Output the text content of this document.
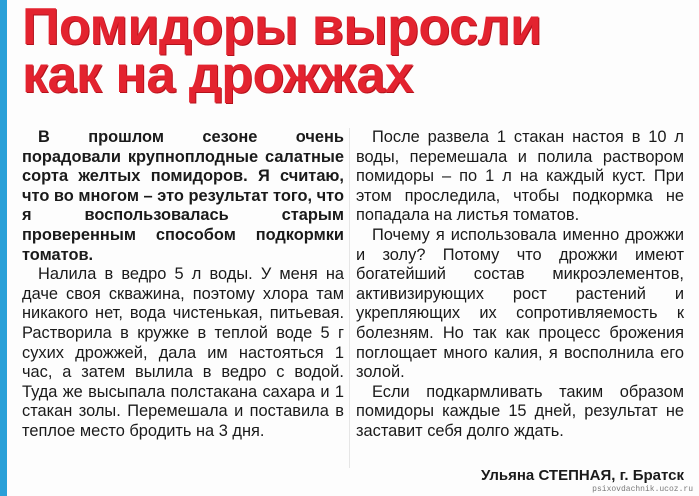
Помидоры выросли
как на дрожжах

В прошлом сезоне очень порадовали крупноплодные салатные сорта желтых помидоров. Я считаю, что во многом – это результат того, что я воспользовалась старым проверенным способом подкормки томатов.

Налила в ведро 5 л воды. У меня на даче своя скважина, поэтому хлора там никакого нет, вода чистенькая, питьевая. Растворила в кружке в теплой воде 5 г сухих дрожжей, дала им настояться 1 час, а затем вылила в ведро с водой. Туда же высыпала полстакана сахара и 1 стакан золы. Перемешала и поставила в теплое место бродить на 3 дня.

После развела 1 стакан настоя в 10 л воды, перемешала и полила раствором помидоры – по 1 л на каждый куст. При этом проследила, чтобы подкормка не попадала на листья томатов.

Почему я использовала именно дрожжи и золу? Потому что дрожжи имеют богатейший состав микроэлементов, активизирующих рост растений и укрепляющих их сопротивляемость к болезням. Но так как процесс брожения поглощает много калия, я восполнила его золой.

Если подкармливать таким образом помидоры каждые 15 дней, результат не заставит себя долго ждать.

Ульяна СТЕПНАЯ, г. Братск
psixovdachnik.ucoz.ru
